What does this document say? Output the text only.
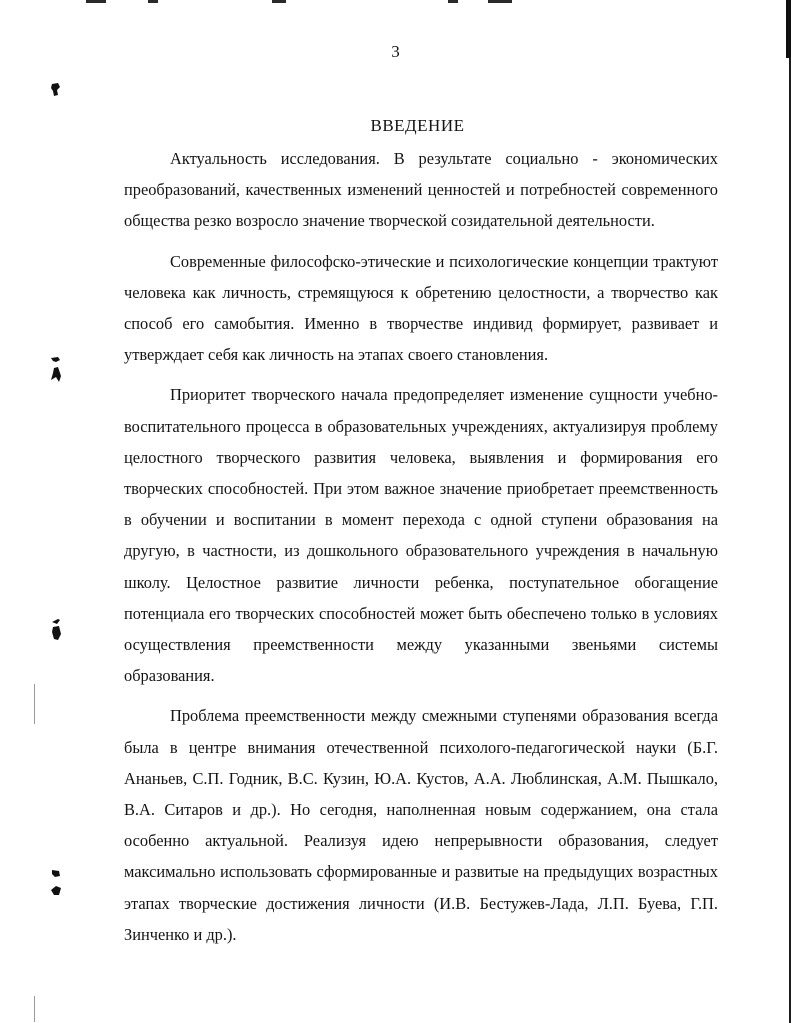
3
ВВЕДЕНИЕ

Актуальность исследования. В результате социально - экономических преобразований, качественных изменений ценностей и потребностей современного общества резко возросло значение творческой созидательной деятельности.

Современные философско-этические и психологические концепции трактуют человека как личность, стремящуюся к обретению целостности, а творчество как способ его самобытия. Именно в творчестве индивид формирует, развивает и утверждает себя как личность на этапах своего становления.

Приоритет творческого начала предопределяет изменение сущности учебно-воспитательного процесса в образовательных учреждениях, актуализируя проблему целостного творческого развития человека, выявления и формирования его творческих способностей. При этом важное значение приобретает преемственность в обучении и воспитании в момент перехода с одной ступени образования на другую, в частности, из дошкольного образовательного учреждения в начальную школу. Целостное развитие личности ребенка, поступательное обогащение потенциала его творческих способностей может быть обеспечено только в условиях осуществления преемственности между указанными звеньями системы образования.

Проблема преемственности между смежными ступенями образования всегда была в центре внимания отечественной психолого-педагогической науки (Б.Г. Ананьев, С.П. Годник, В.С. Кузин, Ю.А. Кустов, А.А. Люблинская, А.М. Пышкало, В.А. Ситаров и др.). Но сегодня, наполненная новым содержанием, она стала особенно актуальной. Реализуя идею непрерывности образования, следует максимально использовать сформированные и развитые на предыдущих возрастных этапах творческие достижения личности (И.В. Бестужев-Лада, Л.П. Буева, Г.П. Зинченко и др.).
